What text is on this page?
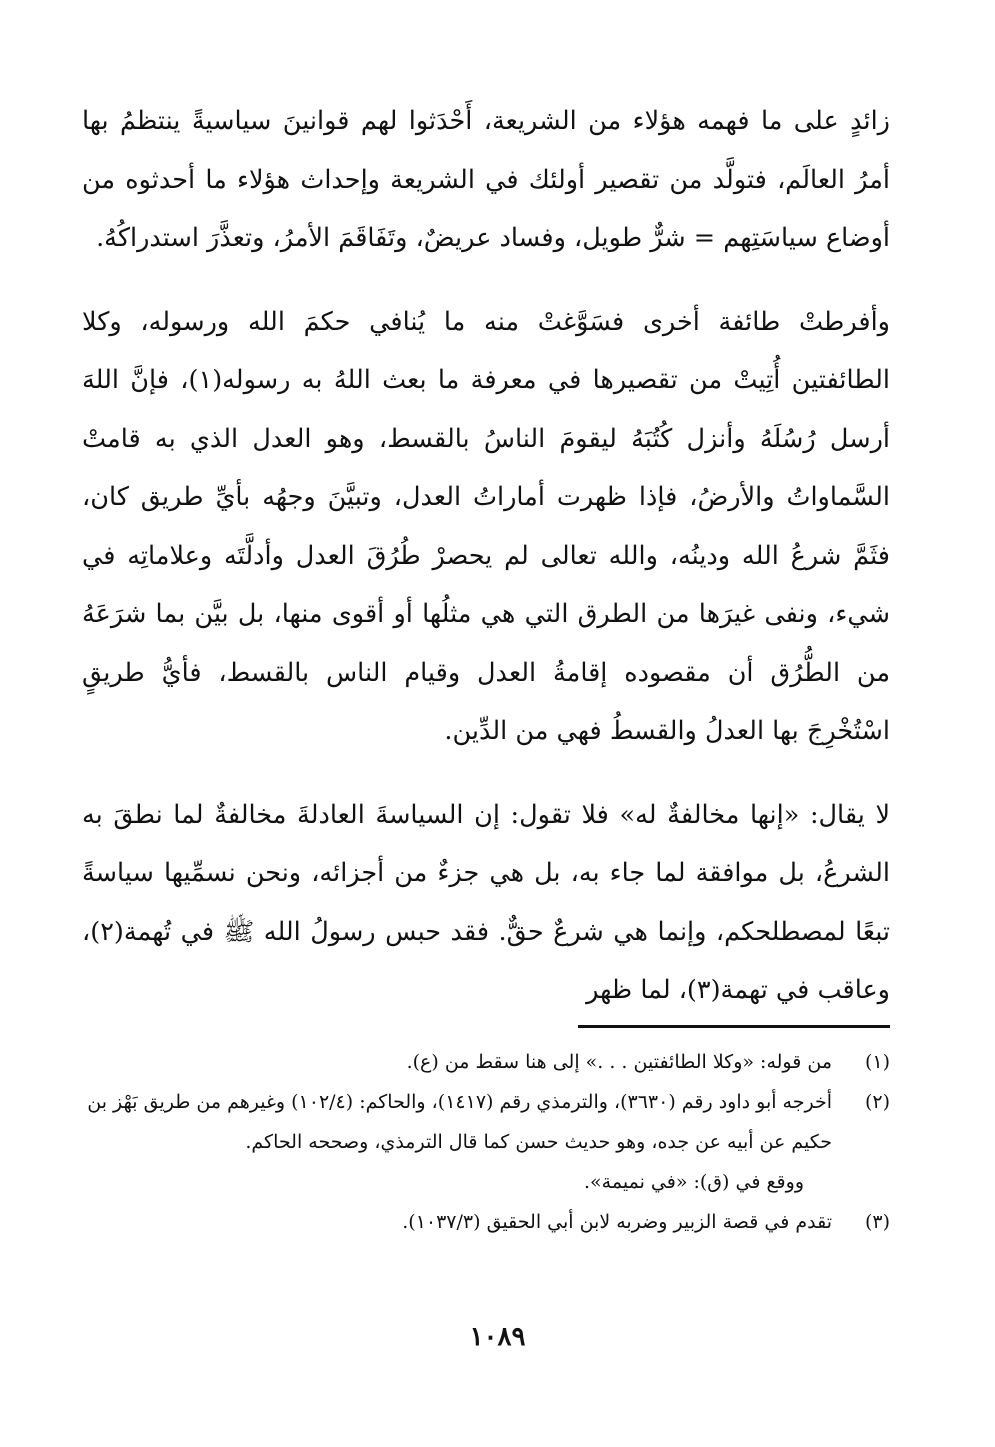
زائدٍ على ما فهمه هؤلاء من الشريعة، أَحْدَثوا لهم قوانينَ سياسيةً ينتظمُ بها أمرُ العالَم، فتولَّد من تقصير أولئك في الشريعة وإحداث هؤلاء ما أحدثوه من أوضاع سياسَتِهم = شرٌّ طويل، وفساد عريضٌ، وتَفَاقَمَ الأمرُ، وتعذَّرَ استدراكُهُ.

وأفرطتْ طائفة أخرى فسَوَّغتْ منه ما يُنافي حكمَ الله ورسوله، وكلا الطائفتين أُتِيتْ من تقصيرها في معرفة ما بعث اللهُ به رسوله(١)، فإنَّ اللهَ أرسل رُسُلَهُ وأنزل كُتُبَهُ ليقومَ الناسُ بالقسط، وهو العدل الذي به قامتْ السَّماواتُ والأرضُ، فإذا ظهرت أماراتُ العدل، وتبيَّنَ وجهُه بأيِّ طريق كان، فثَمَّ شرعُ الله ودينُه، والله تعالى لم يحصرْ طُرُقَ العدل وأدلَّتَه وعلاماتِه في شيء، ونفى غيرَها من الطرق التي هي مثلُها أو أقوى منها، بل بيَّن بما شرَعَهُ من الطُّرُق أن مقصوده إقامةُ العدل وقيام الناس بالقسط، فأيُّ طريقٍ اسْتُخْرِجَ بها العدلُ والقسطُ فهي من الدِّين.

لا يقال: «إنها مخالفةٌ له» فلا تقول: إن السياسةَ العادلةَ مخالفةٌ لما نطقَ به الشرعُ، بل موافقة لما جاء به، بل هي جزءٌ من أجزائه، ونحن نسمِّيها سياسةً تبعًا لمصطلحكم، وإنما هي شرعٌ حقٌّ. فقد حبس رسولُ الله ﷺ في تُهمة(٢)، وعاقب في تهمة(٣)، لما ظهر

(١)

من قوله: «وكلا الطائفتين . . .» إلى هنا سقط من (ع).

(٢)

أخرجه أبو داود رقم (٣٦٣٠)، والترمذي رقم (١٤١٧)، والحاكم: (١٠٢/٤) وغيرهم من طريق بَهْز بن حكيم عن أبيه عن جده، وهو حديث حسن كما قال الترمذي، وصححه الحاكم.

ووقع في (ق): «في نميمة».

(٣)

تقدم في قصة الزبير وضربه لابن أبي الحقيق (١٠٣٧/٣).

١٠٨٩
